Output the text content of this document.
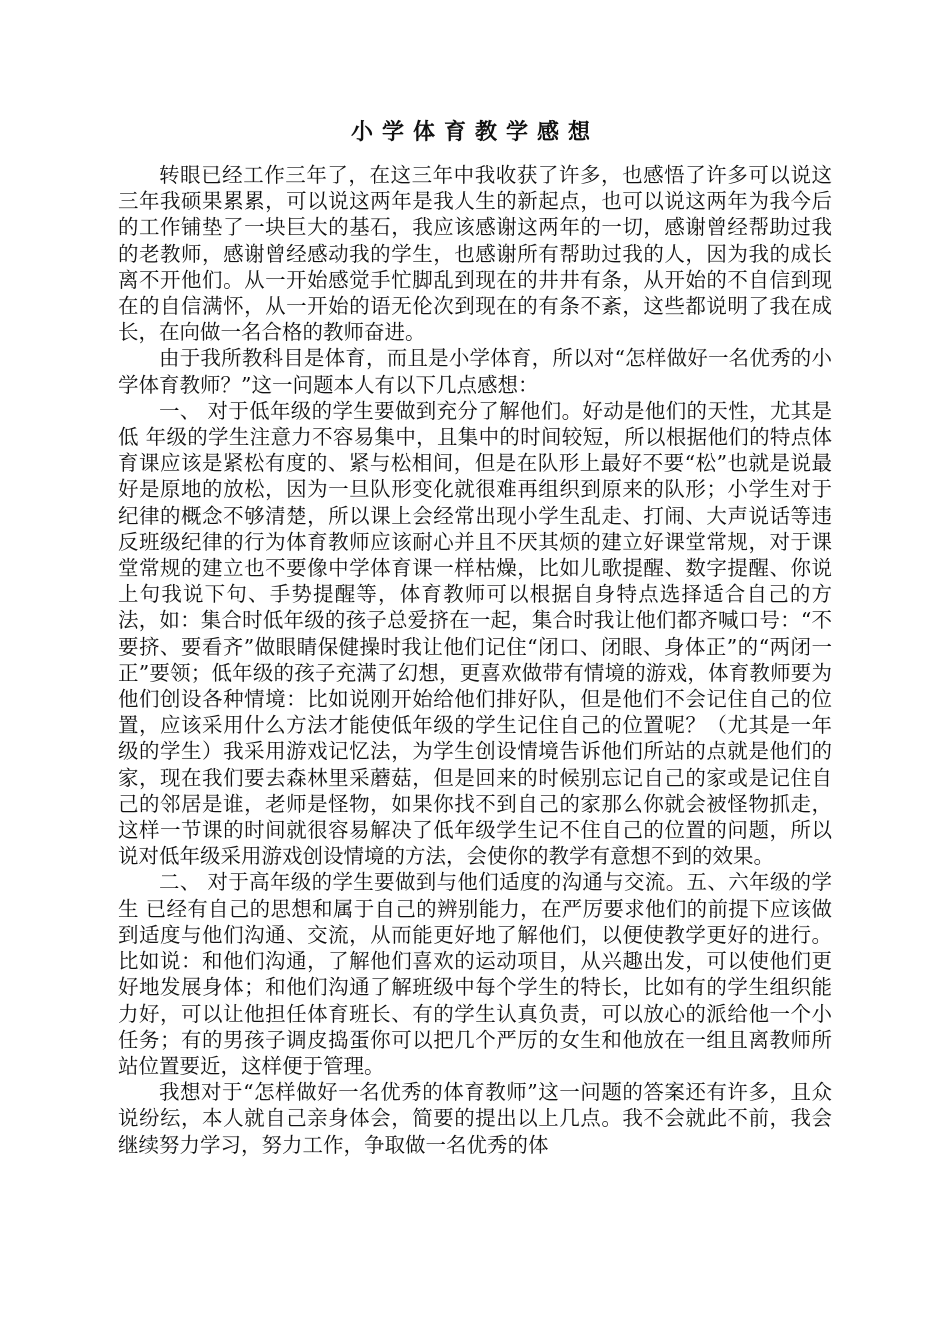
小学体育教学感想

转眼已经工作三年了，在这三年中我收获了许多，也感悟了许多可以说这三年我硕果累累，可以说这两年是我人生的新起点，也可以说这两年为我今后的工作铺垫了一块巨大的基石，我应该感谢这两年的一切，感谢曾经帮助过我的老教师，感谢曾经感动我的学生，也感谢所有帮助过我的人，因为我的成长离不开他们。从一开始感觉手忙脚乱到现在的井井有条，从开始的不自信到现在的自信满怀，从一开始的语无伦次到现在的有条不紊，这些都说明了我在成长，在向做一名合格的教师奋进。

由于我所教科目是体育，而且是小学体育，所以对“怎样做好一名优秀的小学体育教师？”这一问题本人有以下几点感想：

一、 对于低年级的学生要做到充分了解他们。好动是他们的天性，尤其是低 年级的学生注意力不容易集中，且集中的时间较短，所以根据他们的特点体育课应该是紧松有度的、紧与松相间，但是在队形上最好不要“松”也就是说最好是原地的放松，因为一旦队形变化就很难再组织到原来的队形；小学生对于纪律的概念不够清楚，所以课上会经常出现小学生乱走、打闹、大声说话等违反班级纪律的行为体育教师应该耐心并且不厌其烦的建立好课堂常规，对于课堂常规的建立也不要像中学体育课一样枯燥，比如儿歌提醒、数字提醒、你说上句我说下句、手势提醒等，体育教师可以根据自身特点选择适合自己的方法，如：集合时低年级的孩子总爱挤在一起，集合时我让他们都齐喊口号：“不要挤、要看齐”做眼睛保健操时我让他们记住“闭口、闭眼、身体正”的“两闭一正”要领；低年级的孩子充满了幻想，更喜欢做带有情境的游戏，体育教师要为他们创设各种情境：比如说刚开始给他们排好队，但是他们不会记住自己的位置，应该采用什么方法才能使低年级的学生记住自己的位置呢？（尤其是一年级的学生）我采用游戏记忆法，为学生创设情境告诉他们所站的点就是他们的家，现在我们要去森林里采蘑菇，但是回来的时候别忘记自己的家或是记住自己的邻居是谁，老师是怪物，如果你找不到自己的家那么你就会被怪物抓走，这样一节课的时间就很容易解决了低年级学生记不住自己的位置的问题，所以说对低年级采用游戏创设情境的方法，会使你的教学有意想不到的效果。

二、 对于高年级的学生要做到与他们适度的沟通与交流。五、六年级的学生 已经有自己的思想和属于自己的辨别能力，在严厉要求他们的前提下应该做到适度与他们沟通、交流，从而能更好地了解他们，以便使教学更好的进行。比如说：和他们沟通，了解他们喜欢的运动项目，从兴趣出发，可以使他们更好地发展身体；和他们沟通了解班级中每个学生的特长，比如有的学生组织能力好，可以让他担任体育班长、有的学生认真负责，可以放心的派给他一个小任务；有的男孩子调皮捣蛋你可以把几个严厉的女生和他放在一组且离教师所站位置要近，这样便于管理。

我想对于“怎样做好一名优秀的体育教师”这一问题的答案还有许多，且众说纷纭，本人就自己亲身体会，简要的提出以上几点。我不会就此不前，我会继续努力学习，努力工作，争取做一名优秀的体
